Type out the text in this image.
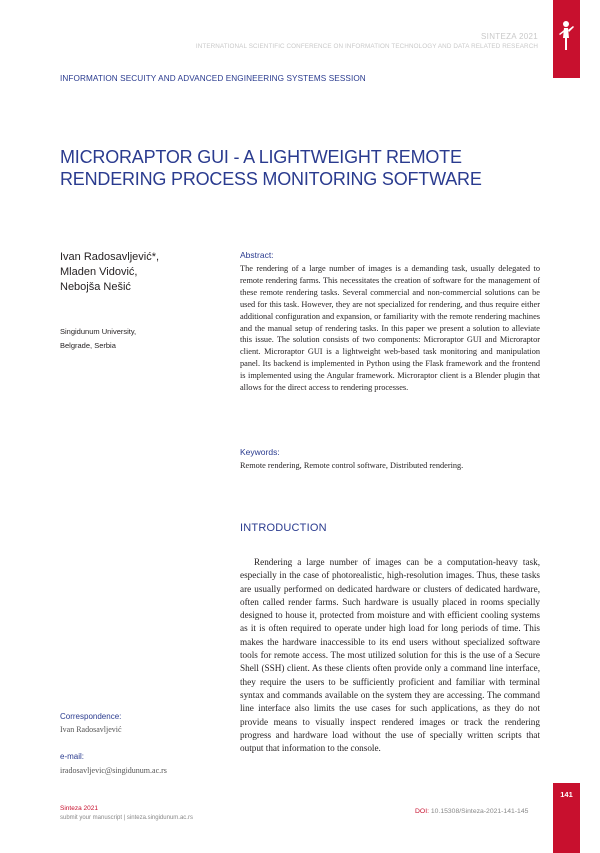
SINTEZA 2021
INTERNATIONAL SCIENTIFIC CONFERENCE ON INFORMATION TECHNOLOGY AND DATA RELATED RESEARCH
INFORMATION SECUITY AND ADVANCED ENGINEERING SYSTEMS SESSION
MICRORAPTOR GUI - A LIGHTWEIGHT REMOTE RENDERING PROCESS MONITORING SOFTWARE
Ivan Radosavljević*,
Mladen Vidović,
Nebojša Nešić
Singidunum University,
Belgrade, Serbia
Abstract:
The rendering of a large number of images is a demanding task, usually delegated to remote rendering farms. This necessitates the creation of software for the management of these remote rendering tasks. Several commercial and non-commercial solutions can be used for this task. However, they are not specialized for rendering, and thus require either additional configuration and expansion, or familiarity with the remote rendering machines and the manual setup of rendering tasks. In this paper we present a solution to alleviate this issue. The solution consists of two components: Microraptor GUI and Microraptor client. Microraptor GUI is a lightweight web-based task monitoring and manipulation panel. Its backend is implemented in Python using the Flask framework and the frontend is implemented using the Angular framework. Microraptor client is a Blender plugin that allows for the direct access to rendering processes.
Keywords:
Remote rendering, Remote control software, Distributed rendering.
INTRODUCTION
Rendering a large number of images can be a computation-heavy task, especially in the case of photorealistic, high-resolution images. Thus, these tasks are usually performed on dedicated hardware or clusters of dedicated hardware, often called render farms. Such hardware is usually placed in rooms specially designed to house it, protected from moisture and with efficient cooling systems as it is often required to operate under high load for long periods of time. This makes the hardware inaccessible to its end users without specialized software tools for remote access. The most utilized solution for this is the use of a Secure Shell (SSH) client. As these clients often provide only a command line interface, they require the users to be sufficiently proficient and familiar with terminal syntax and commands available on the system they are accessing. The command line interface also limits the use cases for such applications, as they do not provide means to visually inspect rendered images or track the rendering progress and hardware load without the use of specially written scripts that output that information to the console.
Correspondence:
Ivan Radosavljević
e-mail:
iradosavljevic@singidunum.ac.rs
Sinteza 2021
submit your manuscript | sinteza.singidunum.ac.rs
DOI: 10.15308/Sinteza-2021-141-145
141
